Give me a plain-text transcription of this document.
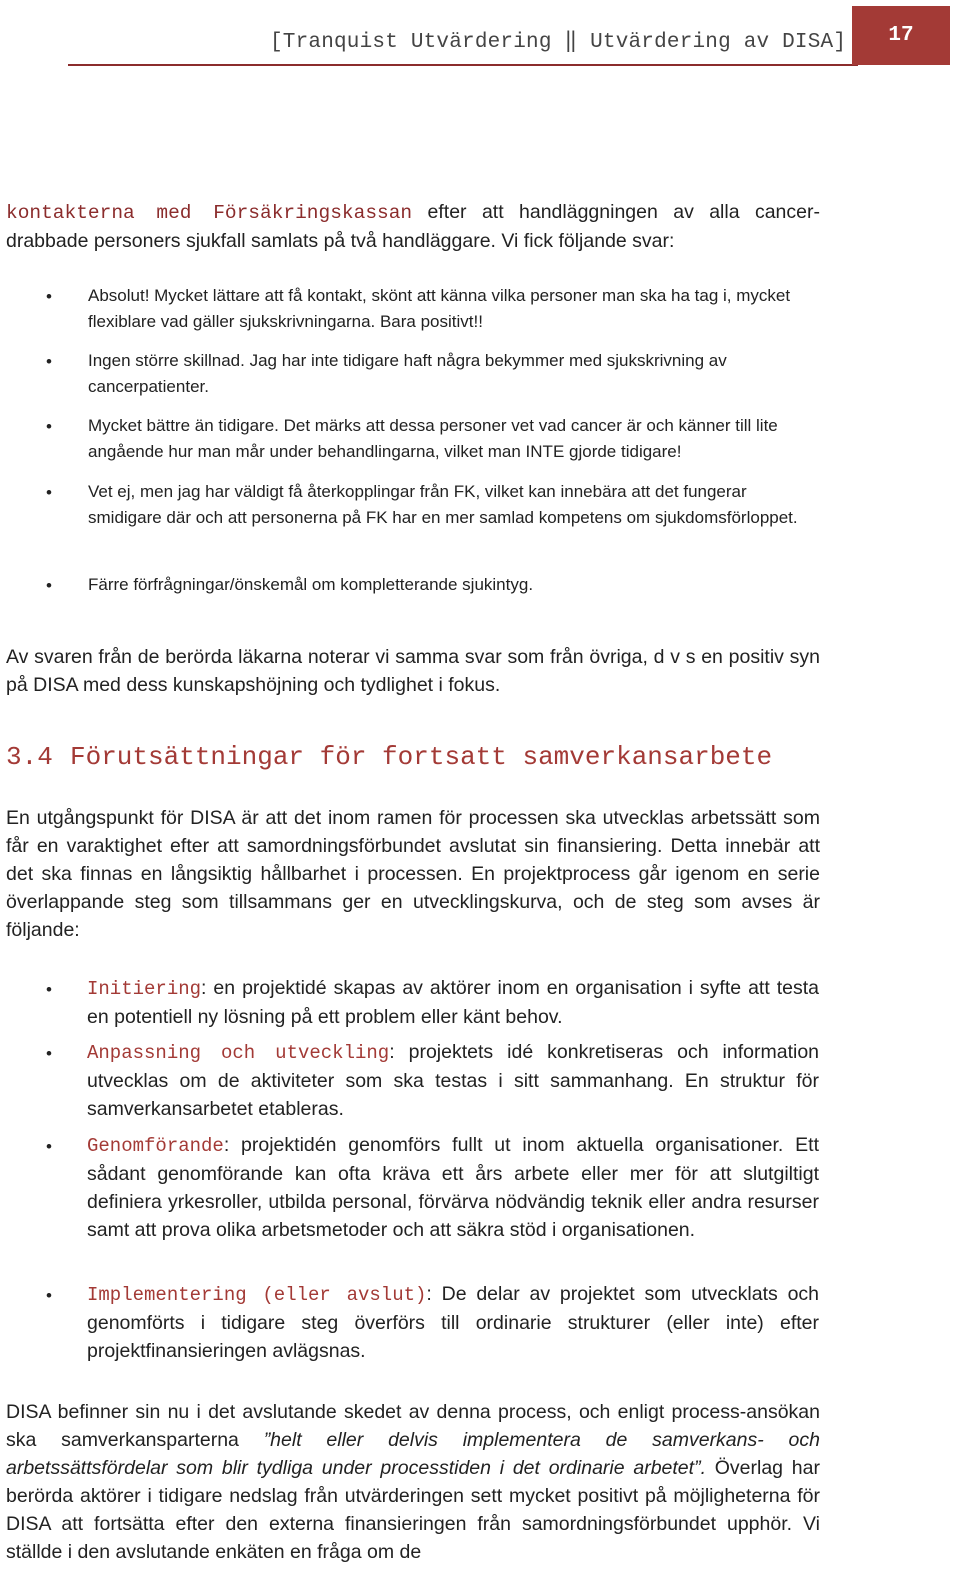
[Tranquist Utvärdering ‖ Utvärdering av DISA] 17
kontakterna med Försäkringskassan efter att handläggningen av alla cancer-drabbade personers sjukfall samlats på två handläggare. Vi fick följande svar:
• Absolut! Mycket lättare att få kontakt, skönt att känna vilka personer man ska ha tag i, mycket flexiblare vad gäller sjukskrivningarna. Bara positivt!!
• Ingen större skillnad. Jag har inte tidigare haft några bekymmer med sjukskrivning av cancerpatienter.
• Mycket bättre än tidigare. Det märks att dessa personer vet vad cancer är och känner till lite angående hur man mår under behandlingarna, vilket man INTE gjorde tidigare!
• Vet ej, men jag har väldigt få återkopplingar från FK, vilket kan innebära att det fungerar smidigare där och att personerna på FK har en mer samlad kompetens om sjukdomsförloppet.
• Färre förfrågningar/önskemål om kompletterande sjukintyg.
Av svaren från de berörda läkarna noterar vi samma svar som från övriga, d v s en positiv syn på DISA med dess kunskapshöjning och tydlighet i fokus.
3.4 Förutsättningar för fortsatt samverkansarbete
En utgångspunkt för DISA är att det inom ramen för processen ska utvecklas arbetssätt som får en varaktighet efter att samordningsförbundet avslutat sin finansiering. Detta innebär att det ska finnas en långsiktig hållbarhet i processen. En projektprocess går igenom en serie överlappande steg som tillsammans ger en utvecklingskurva, och de steg som avses är följande:
• Initiering: en projektidé skapas av aktörer inom en organisation i syfte att testa en potentiell ny lösning på ett problem eller känt behov.
• Anpassning och utveckling: projektets idé konkretiseras och information utvecklas om de aktiviteter som ska testas i sitt sammanhang. En struktur för samverkansarbetet etableras.
• Genomförande: projektidén genomförs fullt ut inom aktuella organisationer. Ett sådant genomförande kan ofta kräva ett års arbete eller mer för att slutgiltigt definiera yrkesroller, utbilda personal, förvärva nödvändig teknik eller andra resurser samt att prova olika arbetsmetoder och att säkra stöd i organisationen.
• Implementering (eller avslut): De delar av projektet som utvecklats och genomförts i tidigare steg överförs till ordinarie strukturer (eller inte) efter projektfinansieringen avlägsnas.
DISA befinner sin nu i det avslutande skedet av denna process, och enligt process-ansökan ska samverkansparterna ”helt eller delvis implementera de samverkans- och arbetssättsfördelar som blir tydliga under processtiden i det ordinarie arbetet”. Överlag har berörda aktörer i tidigare nedslag från utvärderingen sett mycket positivt på möjligheterna för DISA att fortsätta efter den externa finansieringen från samordningsförbundet upphör. Vi ställde i den avslutande enkäten en fråga om de
